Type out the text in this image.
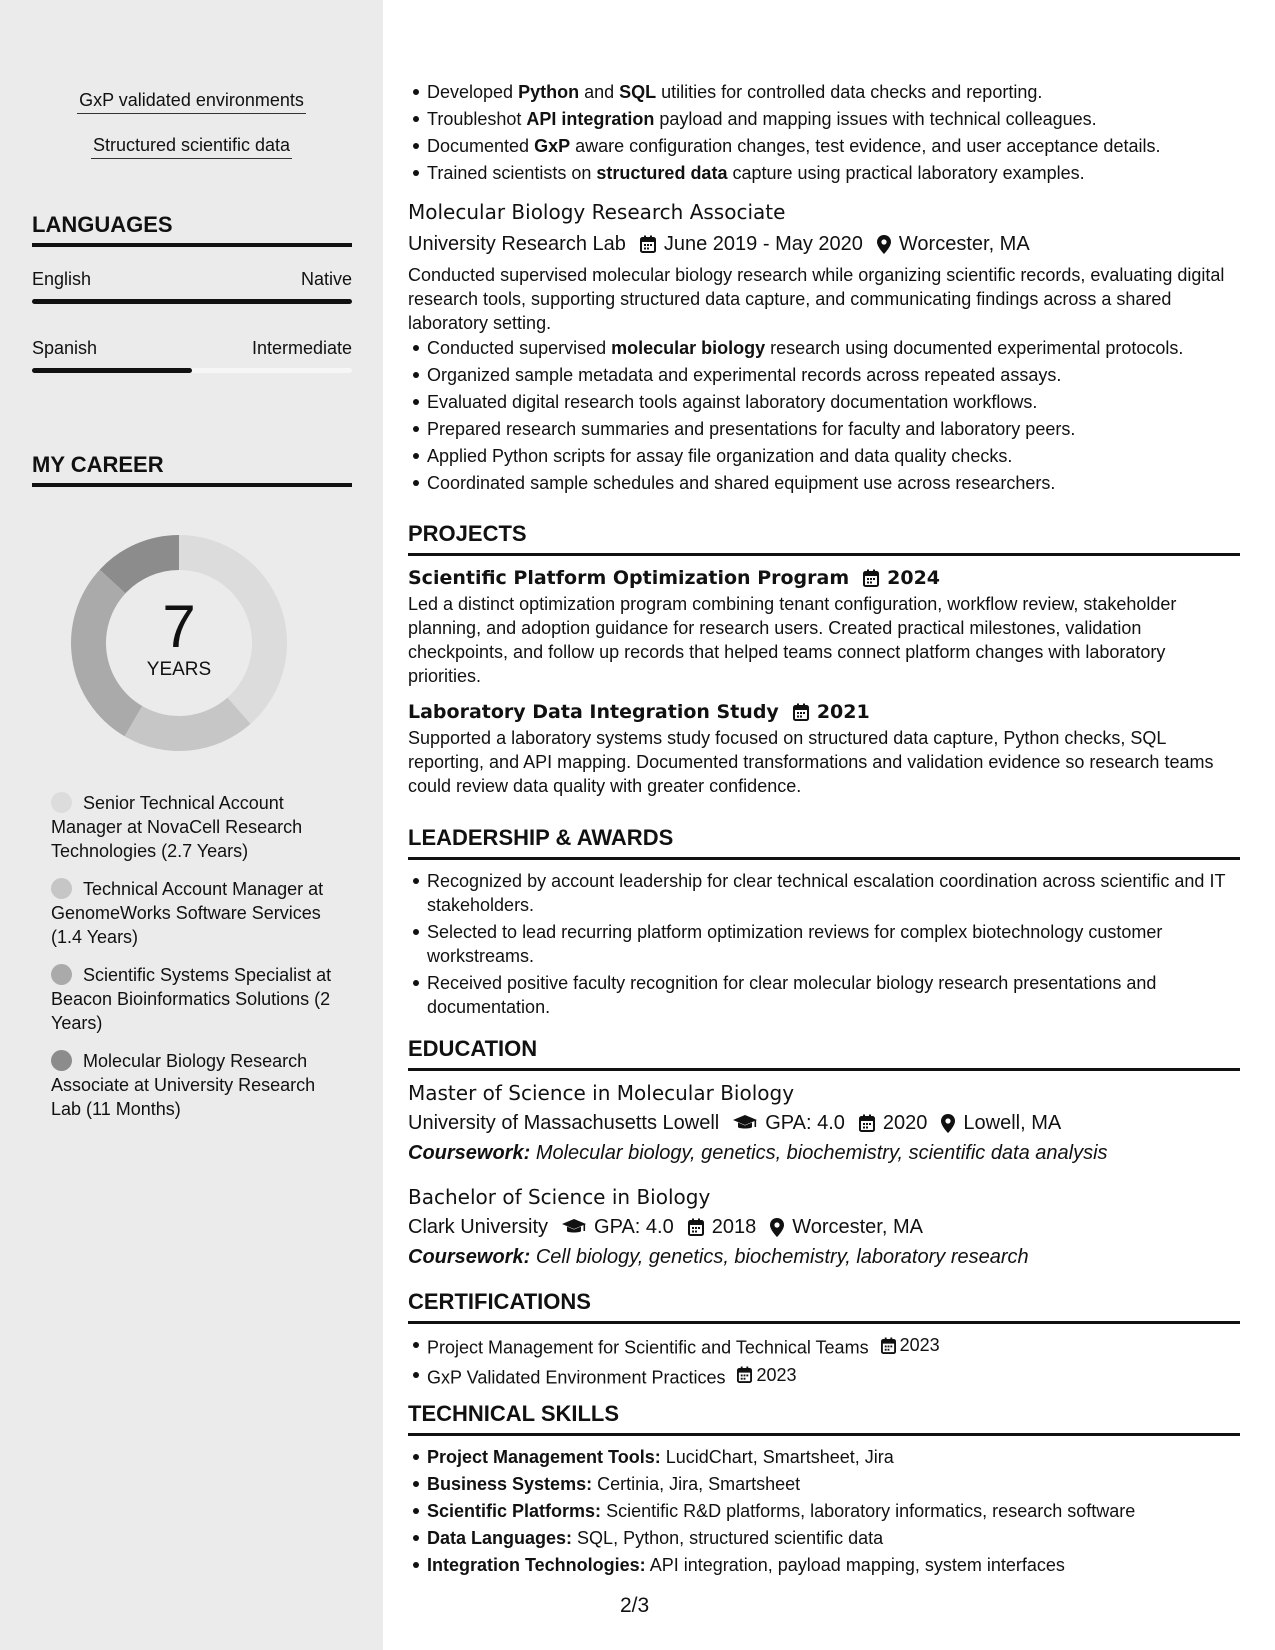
GxP validated environments
Structured scientific data
LANGUAGES
English	Native
Spanish	Intermediate
MY CAREER
7
YEARS
Senior Technical Account Manager at NovaCell Research Technologies (2.7 Years)
Technical Account Manager at GenomeWorks Software Services (1.4 Years)
Scientific Systems Specialist at Beacon Bioinformatics Solutions (2 Years)
Molecular Biology Research Associate at University Research Lab (11 Months)
Developed Python and SQL utilities for controlled data checks and reporting.
Troubleshot API integration payload and mapping issues with technical colleagues.
Documented GxP aware configuration changes, test evidence, and user acceptance details.
Trained scientists on structured data capture using practical laboratory examples.
Molecular Biology Research Associate
University Research Lab June 2019 - May 2020 Worcester, MA
Conducted supervised molecular biology research while organizing scientific records, evaluating digital research tools, supporting structured data capture, and communicating findings across a shared laboratory setting.
Conducted supervised molecular biology research using documented experimental protocols.
Organized sample metadata and experimental records across repeated assays.
Evaluated digital research tools against laboratory documentation workflows.
Prepared research summaries and presentations for faculty and laboratory peers.
Applied Python scripts for assay file organization and data quality checks.
Coordinated sample schedules and shared equipment use across researchers.
PROJECTS
Scientific Platform Optimization Program 2024
Led a distinct optimization program combining tenant configuration, workflow review, stakeholder planning, and adoption guidance for research users. Created practical milestones, validation checkpoints, and follow up records that helped teams connect platform changes with laboratory priorities.
Laboratory Data Integration Study 2021
Supported a laboratory systems study focused on structured data capture, Python checks, SQL reporting, and API mapping. Documented transformations and validation evidence so research teams could review data quality with greater confidence.
LEADERSHIP & AWARDS
Recognized by account leadership for clear technical escalation coordination across scientific and IT stakeholders.
Selected to lead recurring platform optimization reviews for complex biotechnology customer workstreams.
Received positive faculty recognition for clear molecular biology research presentations and documentation.
EDUCATION
Master of Science in Molecular Biology
University of Massachusetts Lowell GPA: 4.0 2020 Lowell, MA
Coursework: Molecular biology, genetics, biochemistry, scientific data analysis
Bachelor of Science in Biology
Clark University GPA: 4.0 2018 Worcester, MA
Coursework: Cell biology, genetics, biochemistry, laboratory research
CERTIFICATIONS
Project Management for Scientific and Technical Teams 2023
GxP Validated Environment Practices 2023
TECHNICAL SKILLS
Project Management Tools: LucidChart, Smartsheet, Jira
Business Systems: Certinia, Jira, Smartsheet
Scientific Platforms: Scientific R&D platforms, laboratory informatics, research software
Data Languages: SQL, Python, structured scientific data
Integration Technologies: API integration, payload mapping, system interfaces
2/3
